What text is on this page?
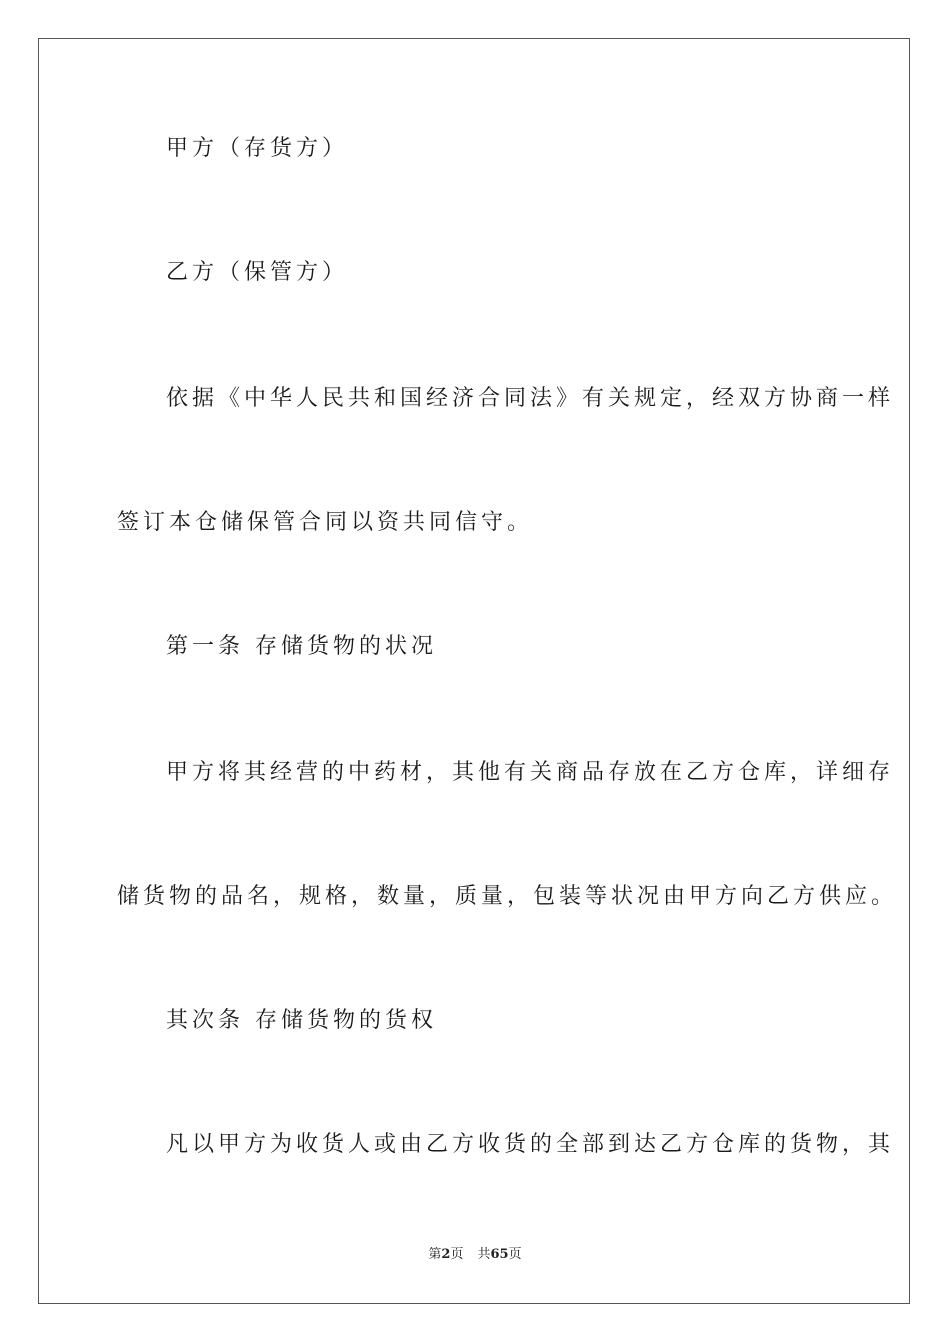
甲方（存货方）

乙方（保管方）

依据《中华人民共和国经济合同法》有关规定，经双方协商一样

签订本仓储保管合同以资共同信守。

第一条 存储货物的状况

甲方将其经营的中药材，其他有关商品存放在乙方仓库，详细存

储货物的品名，规格，数量，质量，包装等状况由甲方向乙方供应。

其次条 存储货物的货权

凡以甲方为收货人或由乙方收货的全部到达乙方仓库的货物，其

第2页 共65页
